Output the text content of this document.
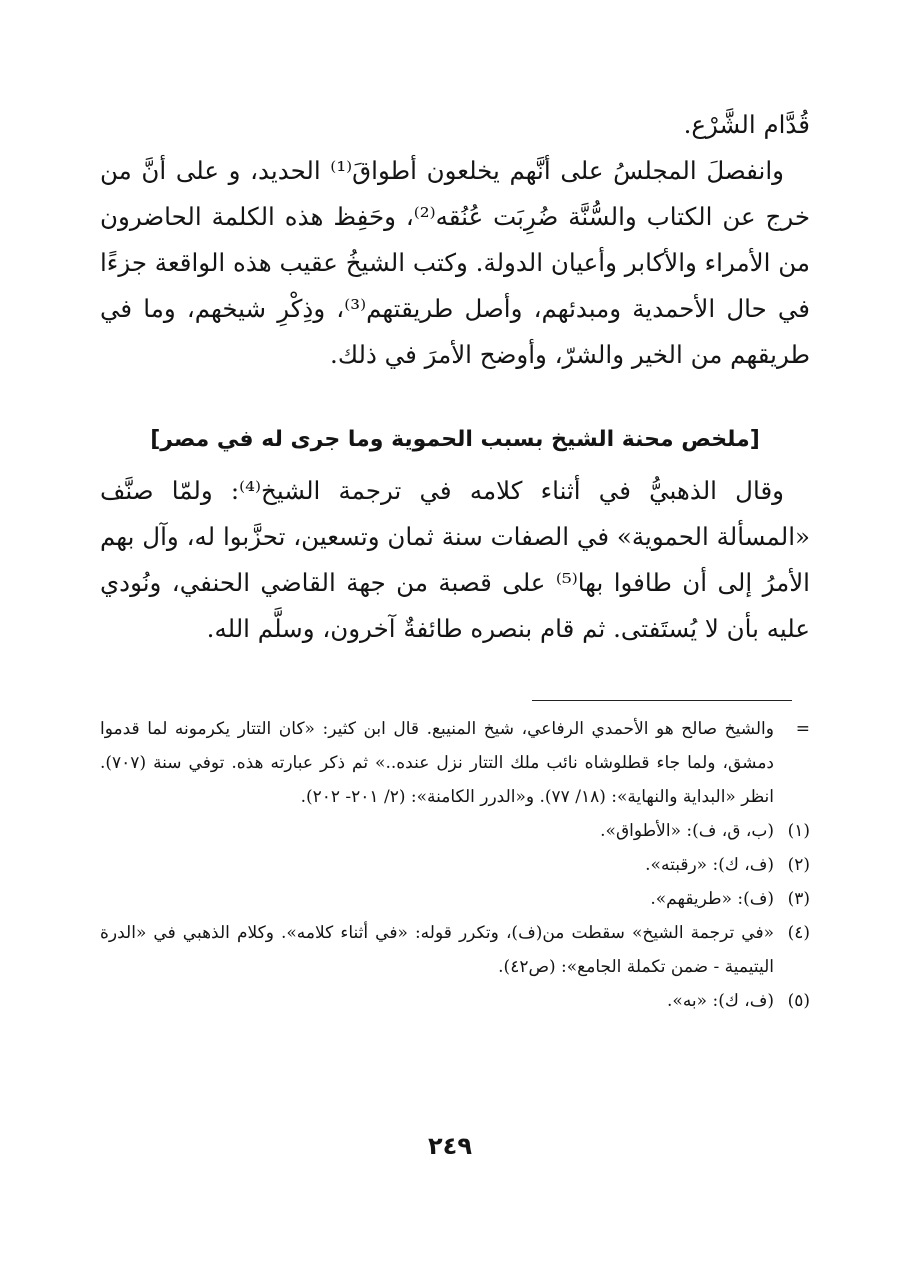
قُدَّام الشَّرْع.

وانفصلَ المجلسُ على أنَّهم يخلعون أطواقَ⁽¹⁾ الحديد، و على أنَّ من خرج عن الكتاب والسُّنَّة ضُرِبَت عُنُقه⁽²⁾، وحَفِظ هذه الكلمة الحاضرون من الأمراء والأكابر وأعيان الدولة. وكتب الشيخُ عقيب هذه الواقعة جزءًا في حال الأحمدية ومبدئهم، وأصل طريقتهم⁽³⁾، وذِكْرِ شيخهم، وما في طريقهم من الخير والشرّ، وأوضح الأمرَ في ذلك.

[ملخص محنة الشيخ بسبب الحموية وما جرى له في مصر]

وقال الذهبيُّ في أثناء كلامه في ترجمة الشيخ⁽⁴⁾: ولمّا صنَّف «المسألة الحموية» في الصفات سنة ثمان وتسعين، تحزَّبوا له، وآل بهم الأمرُ إلى أن طافوا بها⁽⁵⁾ على قصبة من جهة القاضي الحنفي، ونُودي عليه بأن لا يُستَفتى. ثم قام بنصره طائفةٌ آخرون، وسلَّم الله.

=
والشيخ صالح هو الأحمدي الرفاعي، شيخ المنيبع. قال ابن كثير: «كان التتار يكرمونه لما قدموا دمشق، ولما جاء قطلوشاه نائب ملك التتار نزل عنده..» ثم ذكر عبارته هذه. توفي سنة (٧٠٧). انظر «البداية والنهاية»: (١٨/ ٧٧). و«الدرر الكامنة»: (٢/ ٢٠١- ٢٠٢).
(١)
(ب، ق، ف): «الأطواق».
(٢)
(ف، ك): «رقبته».
(٣)
(ف): «طريقهم».
(٤)
«في ترجمة الشيخ» سقطت من(ف)، وتكرر قوله: «في أثناء كلامه». وكلام الذهبي في «الدرة اليتيمية - ضمن تكملة الجامع»: (ص٤٢).
(٥)
(ف، ك): «به».
٢٤٩
